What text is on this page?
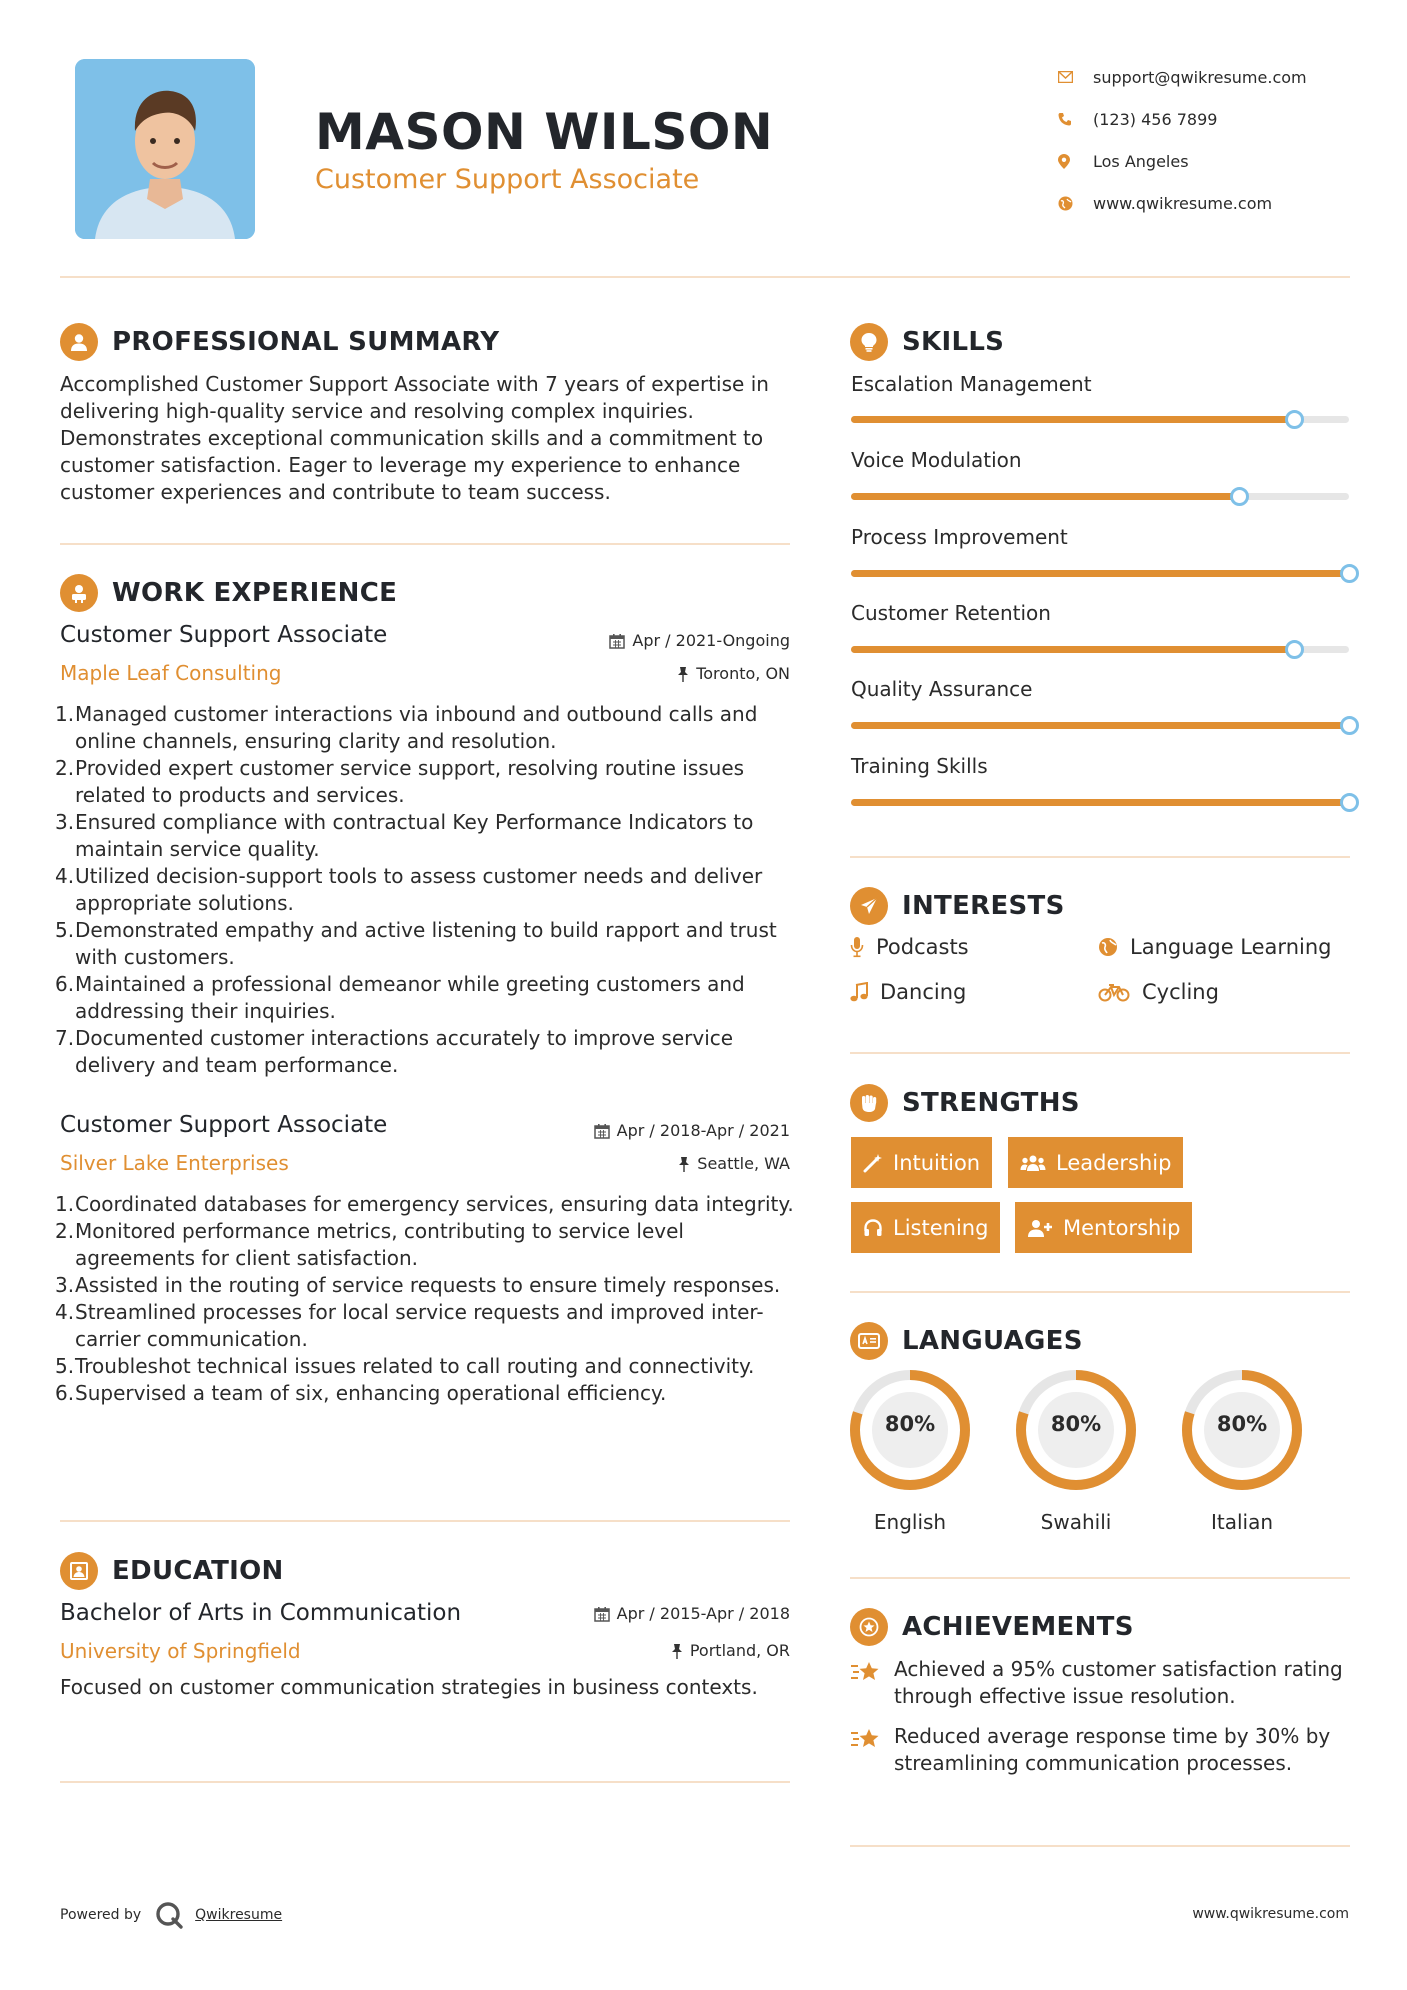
MASON WILSON
Customer Support Associate
support@qwikresume.com
(123) 456 7899
Los Angeles
www.qwikresume.com
PROFESSIONAL SUMMARY
Accomplished Customer Support Associate with 7 years of expertise in delivering high-quality service and resolving complex inquiries. Demonstrates exceptional communication skills and a commitment to customer satisfaction. Eager to leverage my experience to enhance customer experiences and contribute to team success.
WORK EXPERIENCE
Customer Support Associate
Maple Leaf Consulting
Apr / 2021-Ongoing
Toronto, ON
1. Managed customer interactions via inbound and outbound calls and online channels, ensuring clarity and resolution.
2. Provided expert customer service support, resolving routine issues related to products and services.
3. Ensured compliance with contractual Key Performance Indicators to maintain service quality.
4. Utilized decision-support tools to assess customer needs and deliver appropriate solutions.
5. Demonstrated empathy and active listening to build rapport and trust with customers.
6. Maintained a professional demeanor while greeting customers and addressing their inquiries.
7. Documented customer interactions accurately to improve service delivery and team performance.
Customer Support Associate
Silver Lake Enterprises
Apr / 2018-Apr / 2021
Seattle, WA
1. Coordinated databases for emergency services, ensuring data integrity.
2. Monitored performance metrics, contributing to service level agreements for client satisfaction.
3. Assisted in the routing of service requests to ensure timely responses.
4. Streamlined processes for local service requests and improved inter-carrier communication.
5. Troubleshot technical issues related to call routing and connectivity.
6. Supervised a team of six, enhancing operational efficiency.
EDUCATION
Bachelor of Arts in Communication
University of Springfield
Apr / 2015-Apr / 2018
Portland, OR
Focused on customer communication strategies in business contexts.
SKILLS
Escalation Management
Voice Modulation
Process Improvement
Customer Retention
Quality Assurance
Training Skills
INTERESTS
Podcasts	Language Learning
Dancing	Cycling
STRENGTHS
Intuition	Leadership
Listening	Mentorship
LANGUAGES
80%
English
80%
Swahili
80%
Italian
ACHIEVEMENTS
Achieved a 95% customer satisfaction rating through effective issue resolution.
Reduced average response time by 30% by streamlining communication processes.
Powered by	Qwikresume	www.qwikresume.com
